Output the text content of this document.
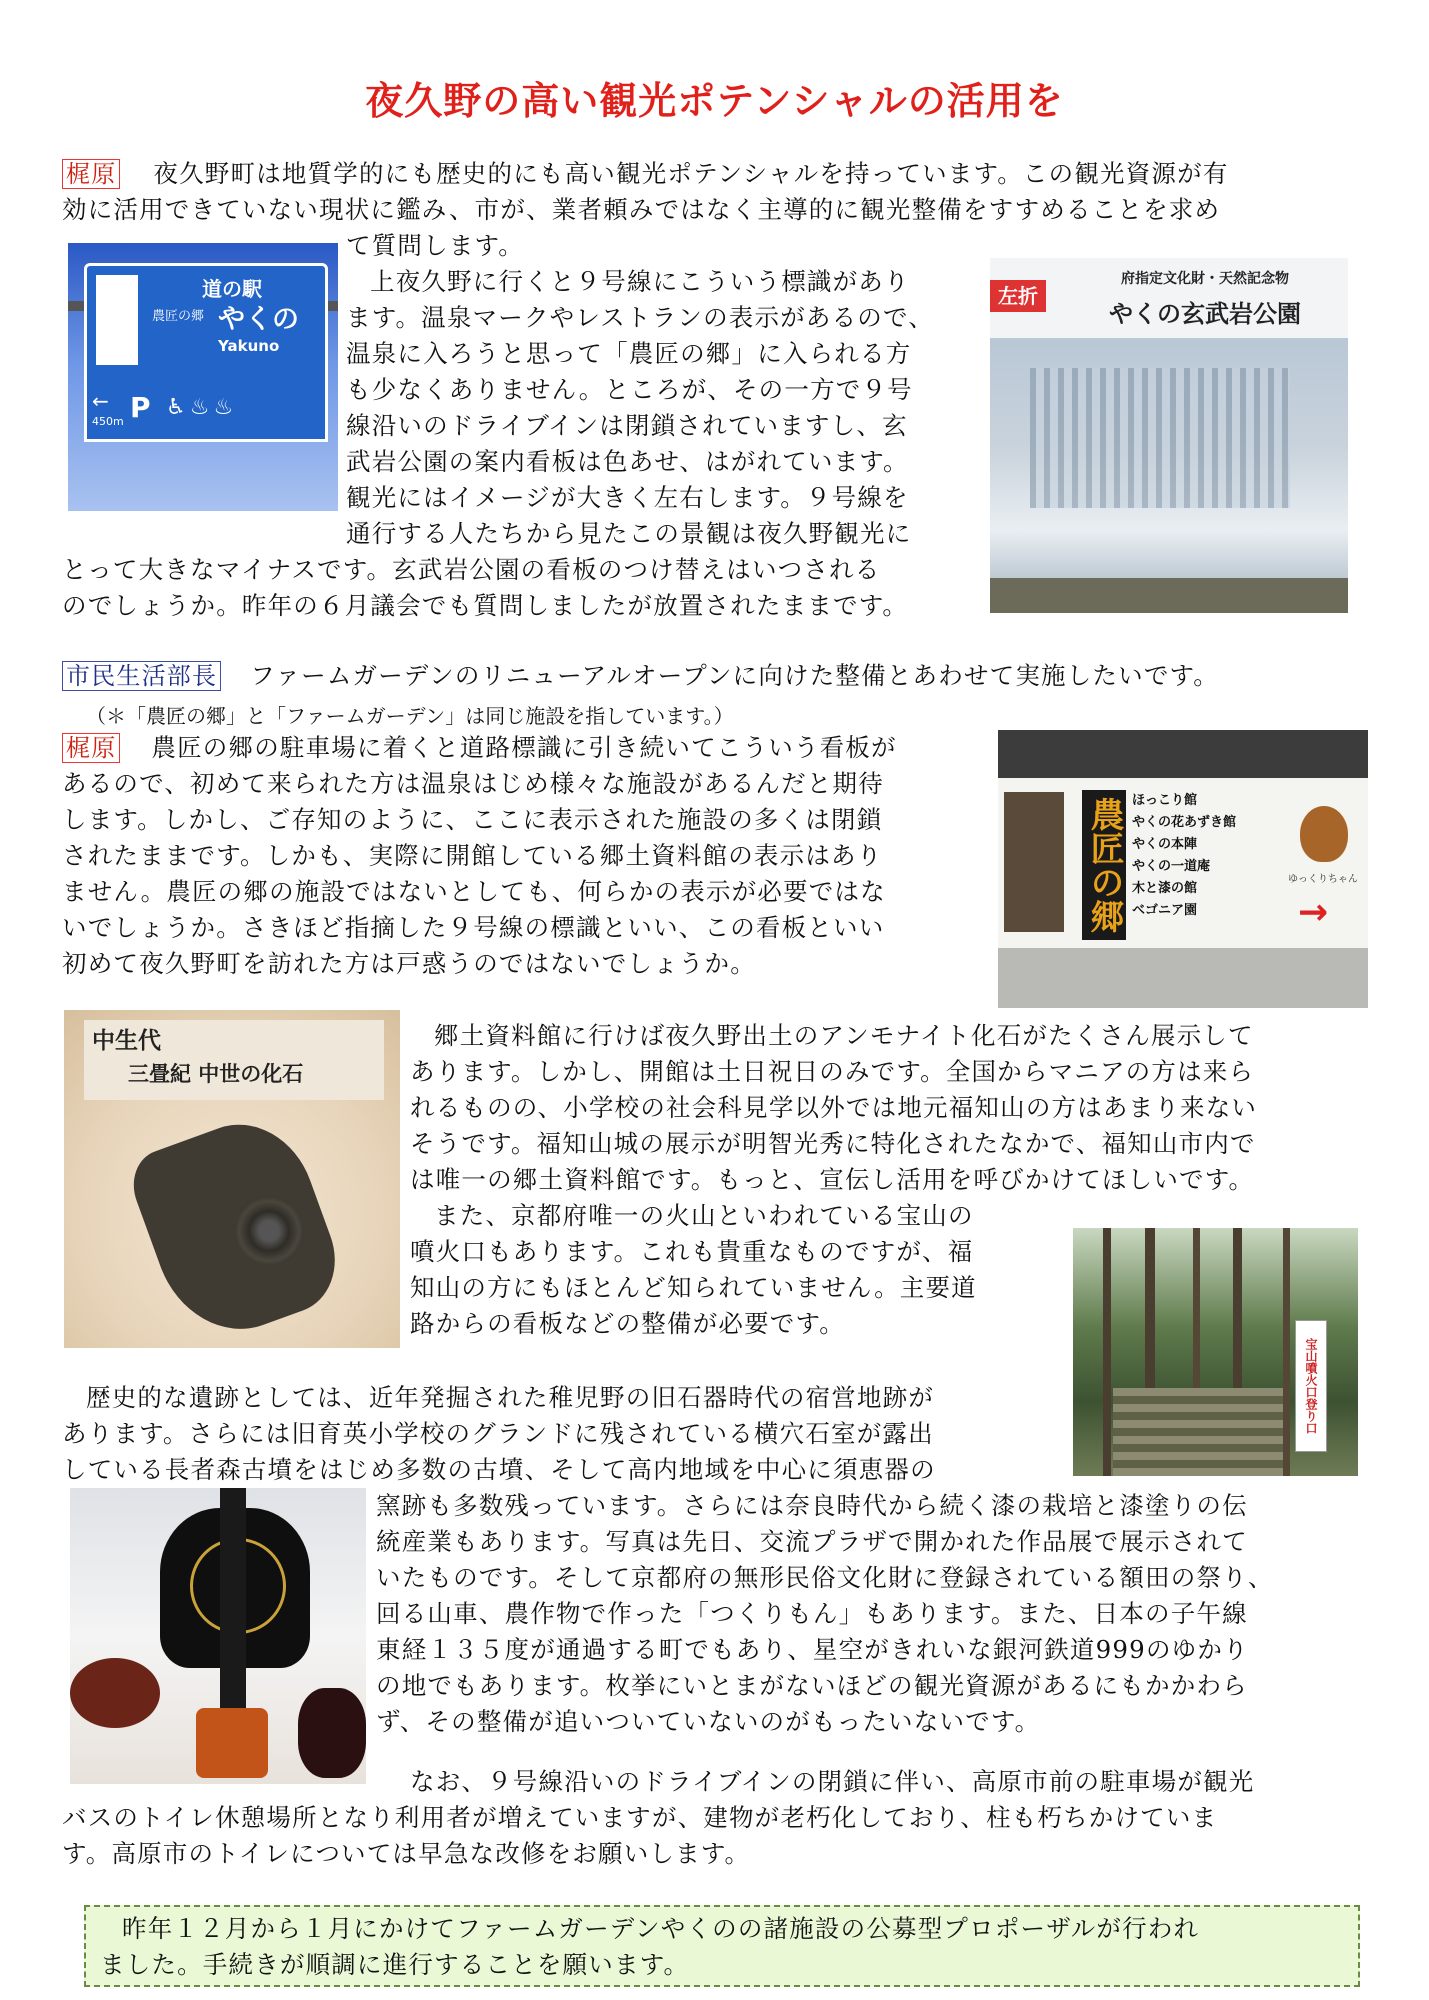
夜久野の高い観光ポテンシャルの活用を
梶原 夜久野町は地質学的にも歴史的にも高い観光ポテンシャルを持っています。この観光資源が有
効に活用できていない現状に鑑み、市が、業者頼みではなく主導的に観光整備をすすめることを求め
て質問します。
道の駅
農匠の郷 やくの
Yakuno
←
450m P ♿♨♨
上夜久野に行くと９号線にこういう標識があり
ます。温泉マークやレストランの表示があるので、
温泉に入ろうと思って「農匠の郷」に入られる方
も少なくありません。ところが、その一方で９号
線沿いのドライブインは閉鎖されていますし、玄
武岩公園の案内看板は色あせ、はがれています。
観光にはイメージが大きく左右します。９号線を
通行する人たちから見たこの景観は夜久野観光に
とって大きなマイナスです。玄武岩公園の看板のつけ替えはいつされる
のでしょうか。昨年の６月議会でも質問しましたが放置されたままです。
左折
府指定文化財・天然記念物
やくの玄武岩公園
市民生活部長 ファームガーデンのリニューアルオープンに向けた整備とあわせて実施したいです。
（＊「農匠の郷」と「ファームガーデン」は同じ施設を指しています。）
梶原 農匠の郷の駐車場に着くと道路標識に引き続いてこういう看板が
あるので、初めて来られた方は温泉はじめ様々な施設があるんだと期待
します。しかし、ご存知のように、ここに表示された施設の多くは閉鎖
されたままです。しかも、実際に開館している郷土資料館の表示はあり
ません。農匠の郷の施設ではないとしても、何らかの表示が必要ではな
いでしょうか。さきほど指摘した９号線の標識といい、この看板といい
初めて夜久野町を訪れた方は戸惑うのではないでしょうか。
農匠の郷 ほっこり館
やくの花あずき館
やくの本陣
やくの一道庵
木と漆の館
ベゴニア園
ゆっくりちゃん
→
中生代
三畳紀 中世の化石
郷土資料館に行けば夜久野出土のアンモナイト化石がたくさん展示して
あります。しかし、開館は土日祝日のみです。全国からマニアの方は来ら
れるものの、小学校の社会科見学以外では地元福知山の方はあまり来ない
そうです。福知山城の展示が明智光秀に特化されたなかで、福知山市内で
は唯一の郷土資料館です。もっと、宣伝し活用を呼びかけてほしいです。
また、京都府唯一の火山といわれている宝山の
噴火口もあります。これも貴重なものですが、福
知山の方にもほとんど知られていません。主要道
路からの看板などの整備が必要です。
宝山噴火口登り口
歴史的な遺跡としては、近年発掘された稚児野の旧石器時代の宿営地跡が
あります。さらには旧育英小学校のグランドに残されている横穴石室が露出
している長者森古墳をはじめ多数の古墳、そして高内地域を中心に須恵器の
窯跡も多数残っています。さらには奈良時代から続く漆の栽培と漆塗りの伝
統産業もあります。写真は先日、交流プラザで開かれた作品展で展示されて
いたものです。そして京都府の無形民俗文化財に登録されている額田の祭り、
回る山車、農作物で作った「つくりもん」もあります。また、日本の子午線
東経１３５度が通過する町でもあり、星空がきれいな銀河鉄道999のゆかり
の地でもあります。枚挙にいとまがないほどの観光資源があるにもかかわら
ず、その整備が追いついていないのがもったいないです。
なお、９号線沿いのドライブインの閉鎖に伴い、高原市前の駐車場が観光
バスのトイレ休憩場所となり利用者が増えていますが、建物が老朽化しており、柱も朽ちかけていま
す。高原市のトイレについては早急な改修をお願いします。
昨年１２月から１月にかけてファームガーデンやくのの諸施設の公募型プロポーザルが行われ
ました。手続きが順調に進行することを願います。
